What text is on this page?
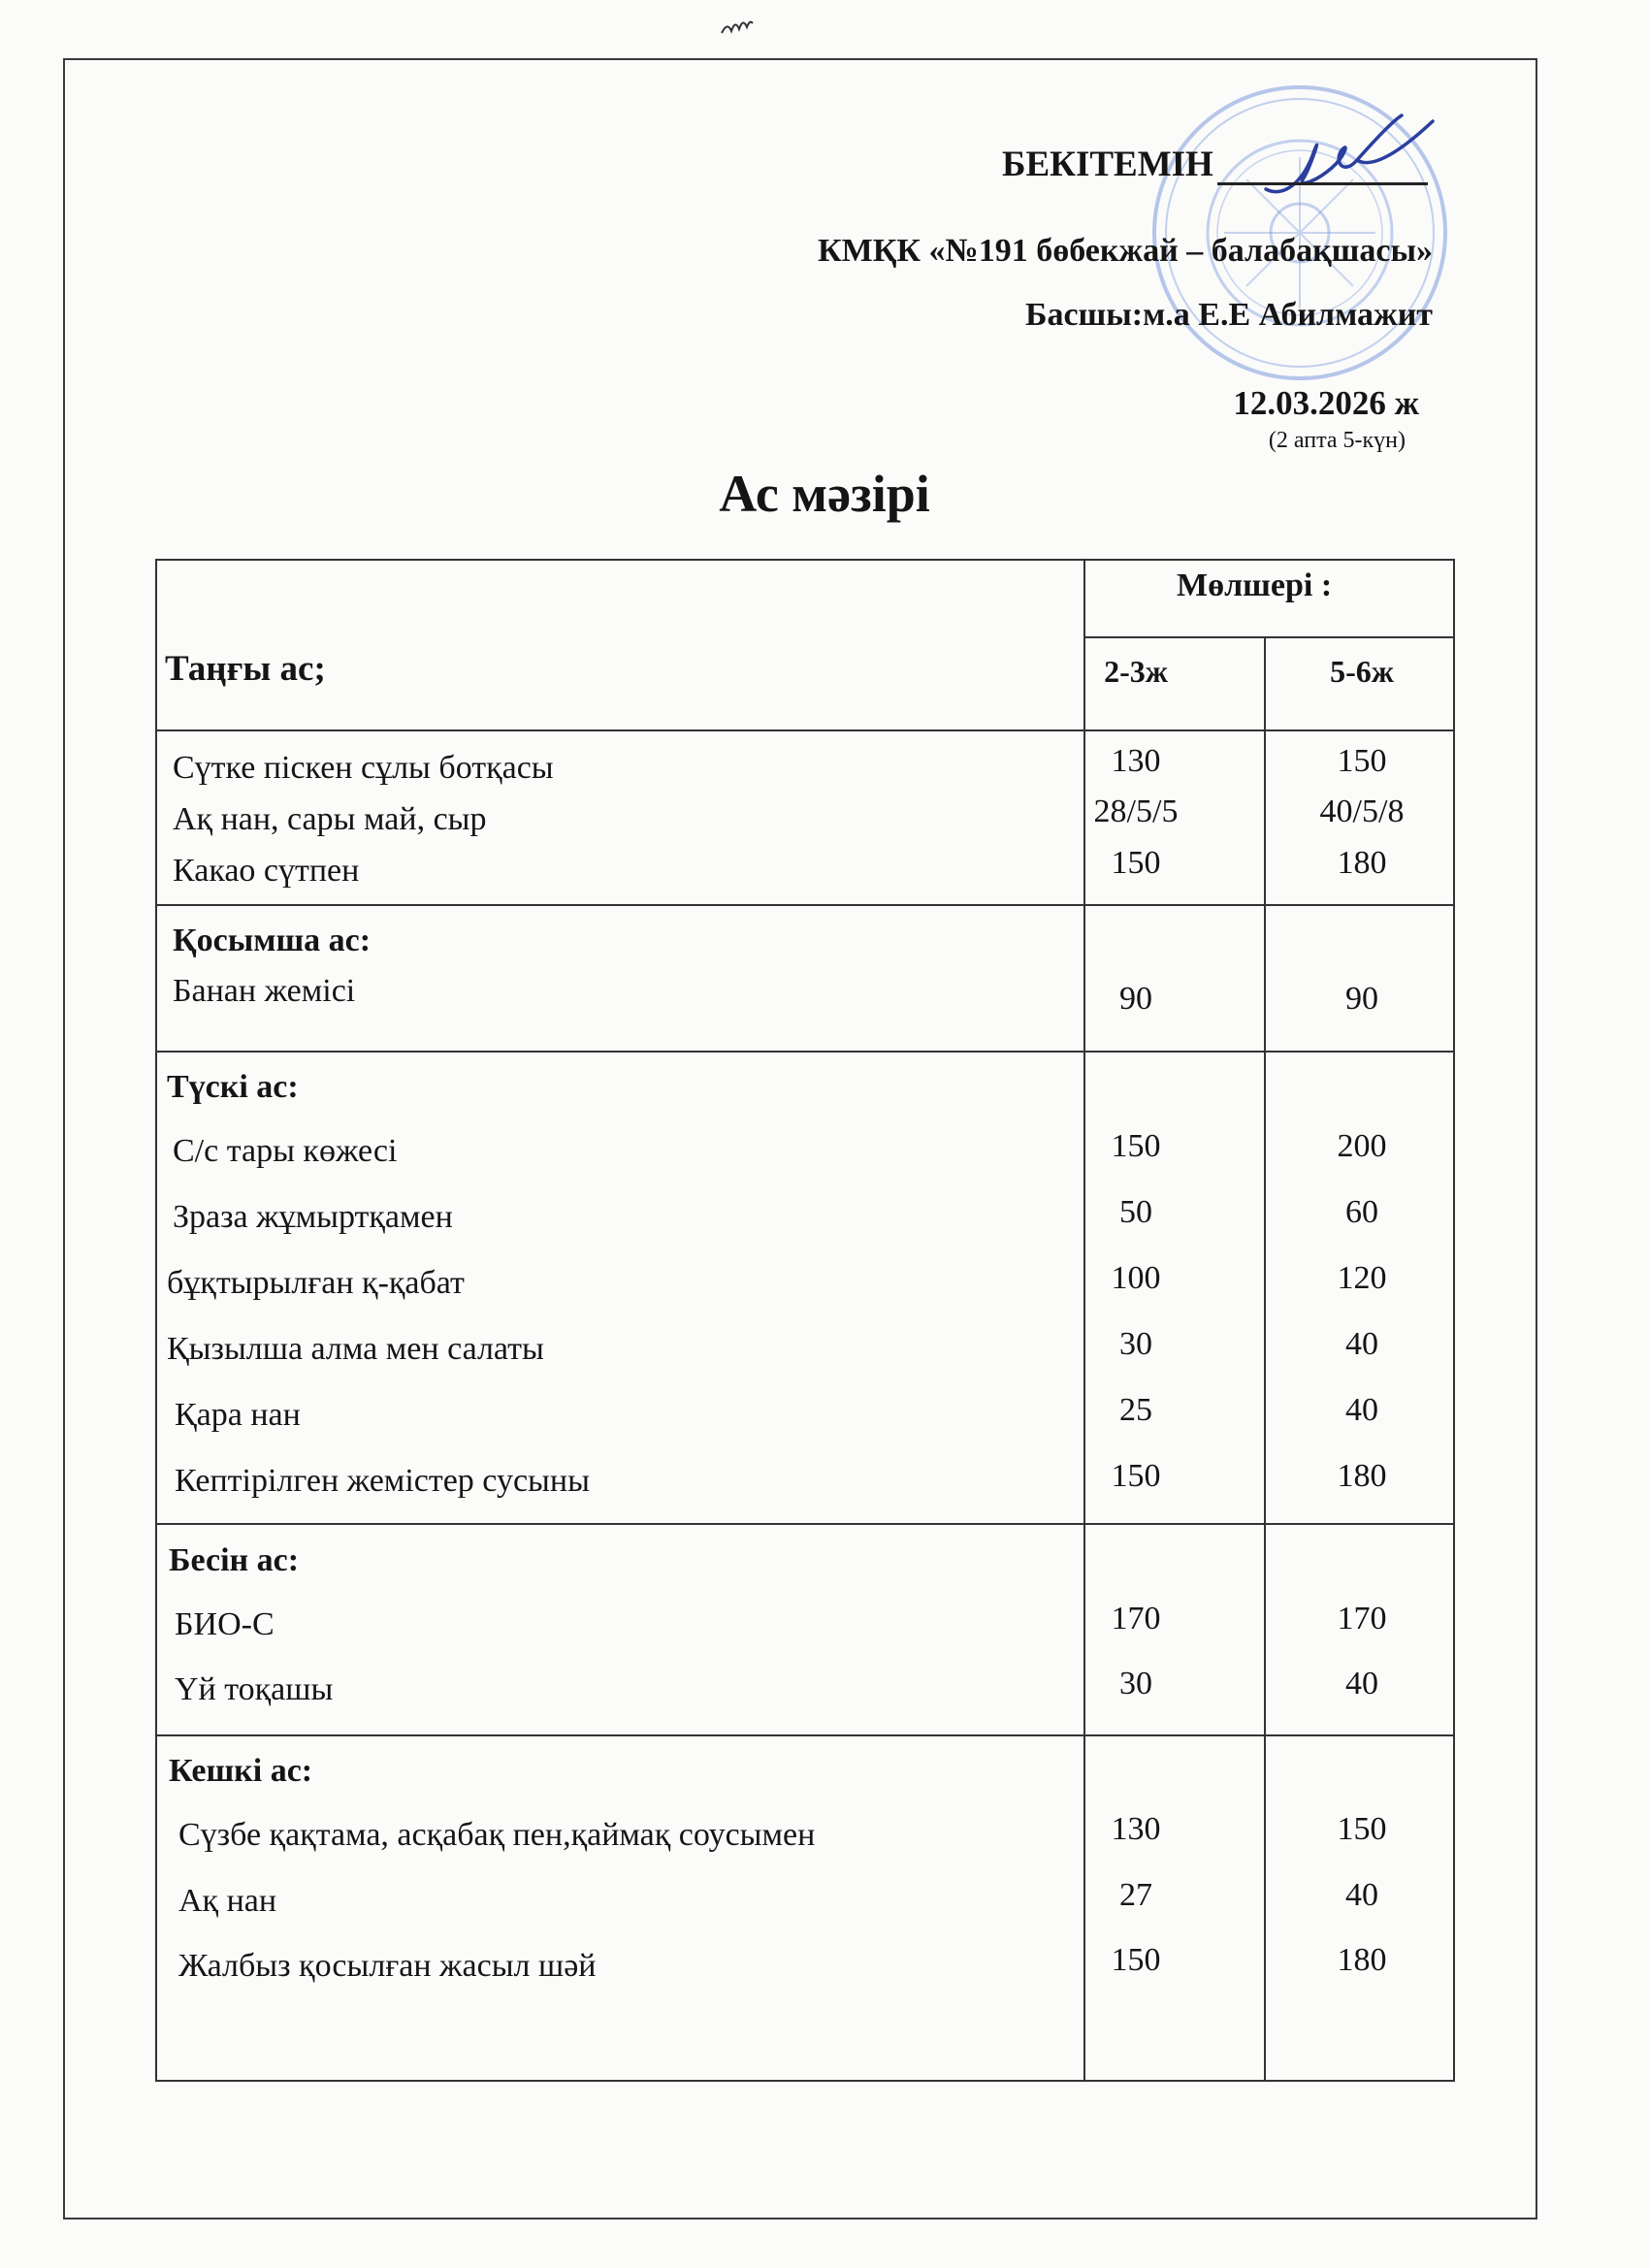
БЕКІТЕМІН
КМҚК «№191 бөбекжай – балабақшасы»
Басшы:м.а Е.Е Абилмажит
12.03.2026 ж
(2 апта 5-күн)
Ас мәзірі
Мөлшері :
Таңғы ас;	2-3ж	5-6ж
Сүтке піскен сұлы ботқасы	130	150
Ақ нан, сары май, сыр	28/5/5	40/5/8
Какао сүтпен	150	180
Қосымша ас:
Банан жемісі	90	90
Түскі ас:
С/с тары көжесі	150	200
Зраза жұмыртқамен	50	60
бұқтырылған қ-қабат	100	120
Қызылша алма мен салаты	30	40
Қара нан	25	40
Кептірілген жемістер сусыны	150	180
Бесін ас:
БИО-С	170	170
Үй тоқашы	30	40
Кешкі ас:
Сүзбе қақтама, асқабақ пен,қаймақ соусымен	130	150
Ақ нан	27	40
Жалбыз қосылған жасыл шәй	150	180
